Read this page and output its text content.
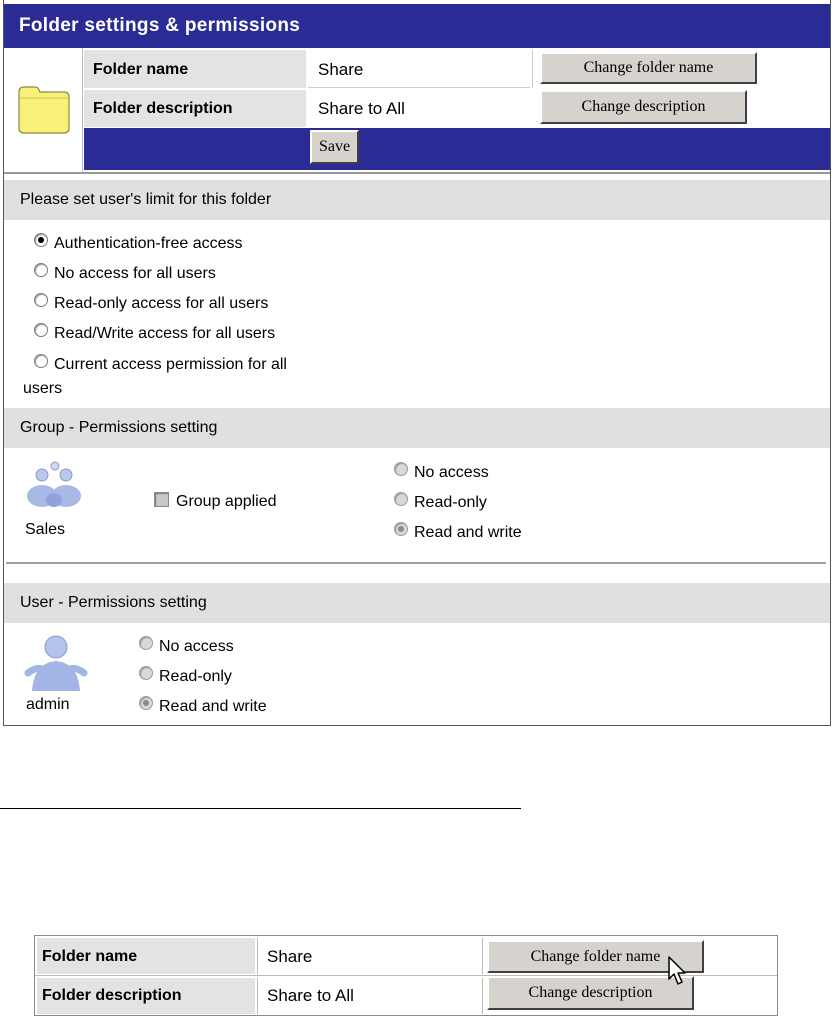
Folder settings & permissions
Folder name	Share	Change folder name
Folder description	Share to All	Change description
Save
Please set user's limit for this folder
Authentication-free access
No access for all users
Read-only access for all users
Read/Write access for all users
Current access permission for all
users
Group - Permissions setting
Sales
Group applied
No access
Read-only
Read and write
User - Permissions setting
admin
No access
Read-only
Read and write
Folder name	Share	Change folder name
Folder description	Share to All	Change description
